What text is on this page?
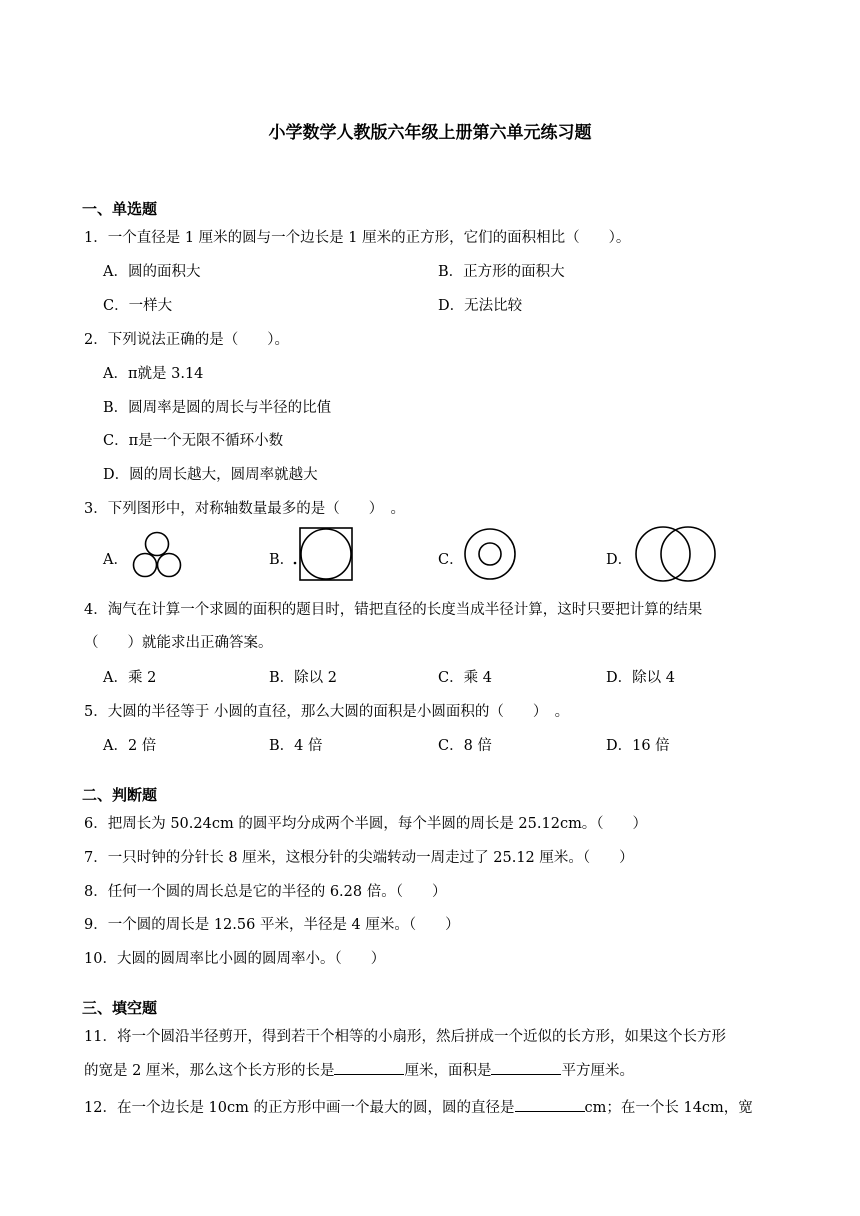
小学数学人教版六年级上册第六单元练习题
一、单选题
1．一个直径是 1 厘米的圆与一个边长是 1 厘米的正方形，它们的面积相比（　　）。
A．圆的面积大	B．正方形的面积大
C．一样大	D．无法比较
2．下列说法正确的是（　　）。
A．π就是 3.14
B．圆周率是圆的周长与半径的比值
C．π是一个无限不循环小数
D．圆的周长越大，圆周率就越大
3．下列图形中，对称轴数量最多的是（　　）　。
A．	B．	C．	D．
4．淘气在计算一个求圆的面积的题目时，错把直径的长度当成半径计算，这时只要把计算的结果
（　　）就能求出正确答案。
A．乘 2	B．除以 2	C．乘 4	D．除以 4
5．大圆的半径等于 小圆的直径，那么大圆的面积是小圆面积的（　　）　。
A．2 倍	B．4 倍	C．8 倍	D．16 倍
二、判断题
6．把周长为 50.24cm 的圆平均分成两个半圆，每个半圆的周长是 25.12cm。（　　）
7．一只时钟的分针长 8 厘米，这根分针的尖端转动一周走过了 25.12 厘米。（　　）
8．任何一个圆的周长总是它的半径的 6.28 倍。（　　）
9．一个圆的周长是 12.56 平米，半径是 4 厘米。（　　）
10．大圆的圆周率比小圆的圆周率小。（　　）
三、填空题
11．将一个圆沿半径剪开，得到若干个相等的小扇形，然后拼成一个近似的长方形，如果这个长方形
的宽是 2 厘米，那么这个长方形的长是	厘米，面积是	平方厘米。
12．在一个边长是 10cm 的正方形中画一个最大的圆，圆的直径是	cm；在一个长 14cm，宽
